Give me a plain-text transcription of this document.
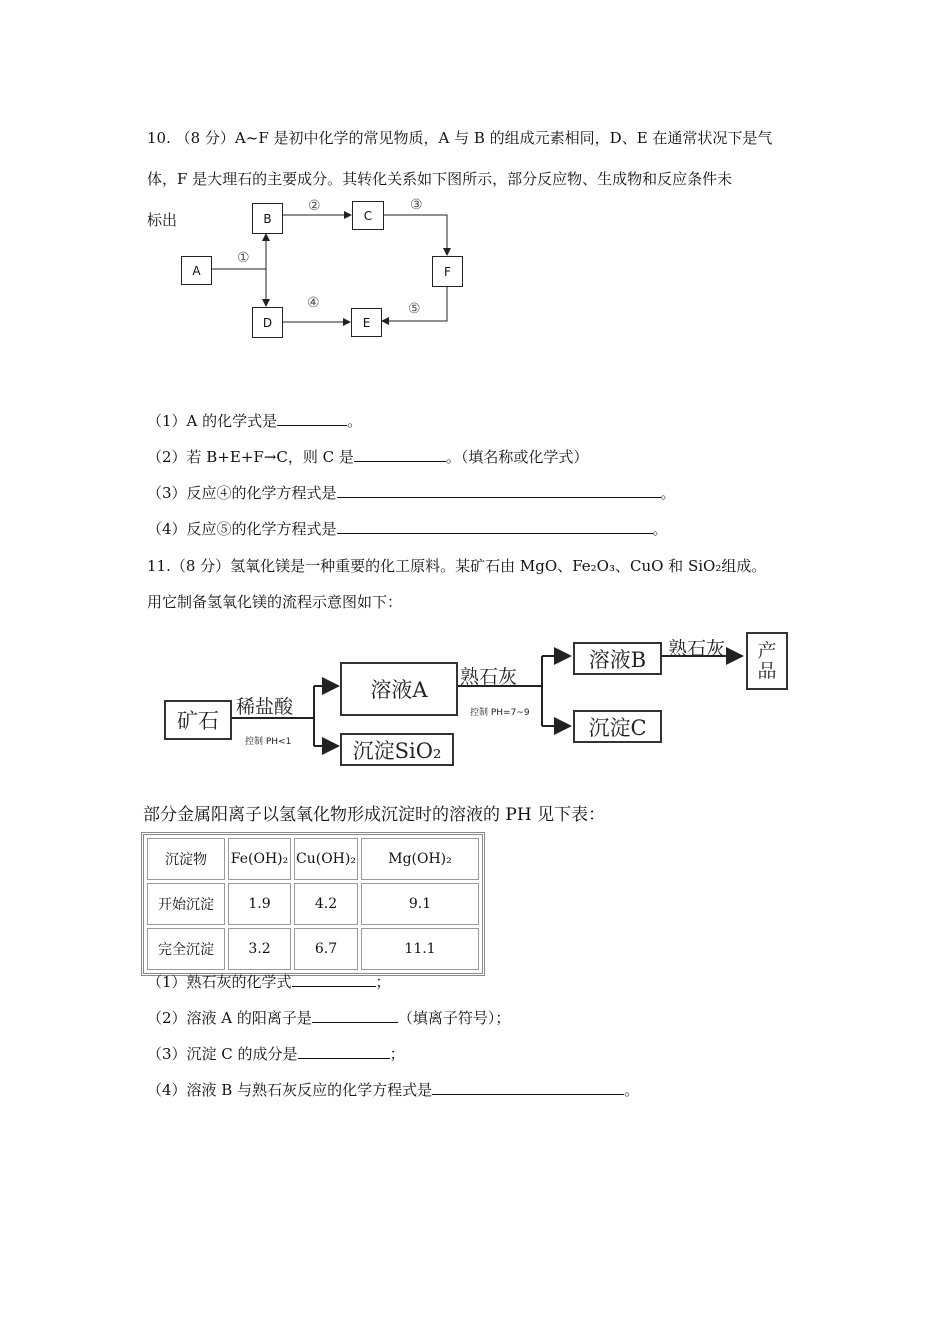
10. （8 分）A~F 是初中化学的常见物质，A 与 B 的组成元素相同，D、E 在通常状况下是气
体，F 是大理石的主要成分。其转化关系如下图所示，部分反应物、生成物和反应条件未
标出
A
B	C
D	E
F
①
②	③
④	⑤
（1）A 的化学式是	。
（2）若 B+E+F→C，则 C 是	。（填名称或化学式）
（3）反应④的化学方程式是	。
（4）反应⑤的化学方程式是	。
11.（8 分）氢氧化镁是一种重要的化工原料。某矿石由 MgO、Fe₂O₃、CuO 和 SiO₂组成。
用它制备氢氧化镁的流程示意图如下：
矿石
稀盐酸
控制 PH<1
溶液A
沉淀SiO₂
熟石灰
控制 PH=7~9
溶液B
沉淀C
熟石灰	产品
部分金属阳离子以氢氧化物形成沉淀时的溶液的 PH 见下表：
沉淀物	Fe(OH)₂	Cu(OH)₂	Mg(OH)₂
开始沉淀	1.9	4.2	9.1
完全沉淀	3.2	6.7	11.1
（1）熟石灰的化学式	；
（2）溶液 A 的阳离子是	（填离子符号）；
（3）沉淀 C 的成分是	；
（4）溶液 B 与熟石灰反应的化学方程式是	。
